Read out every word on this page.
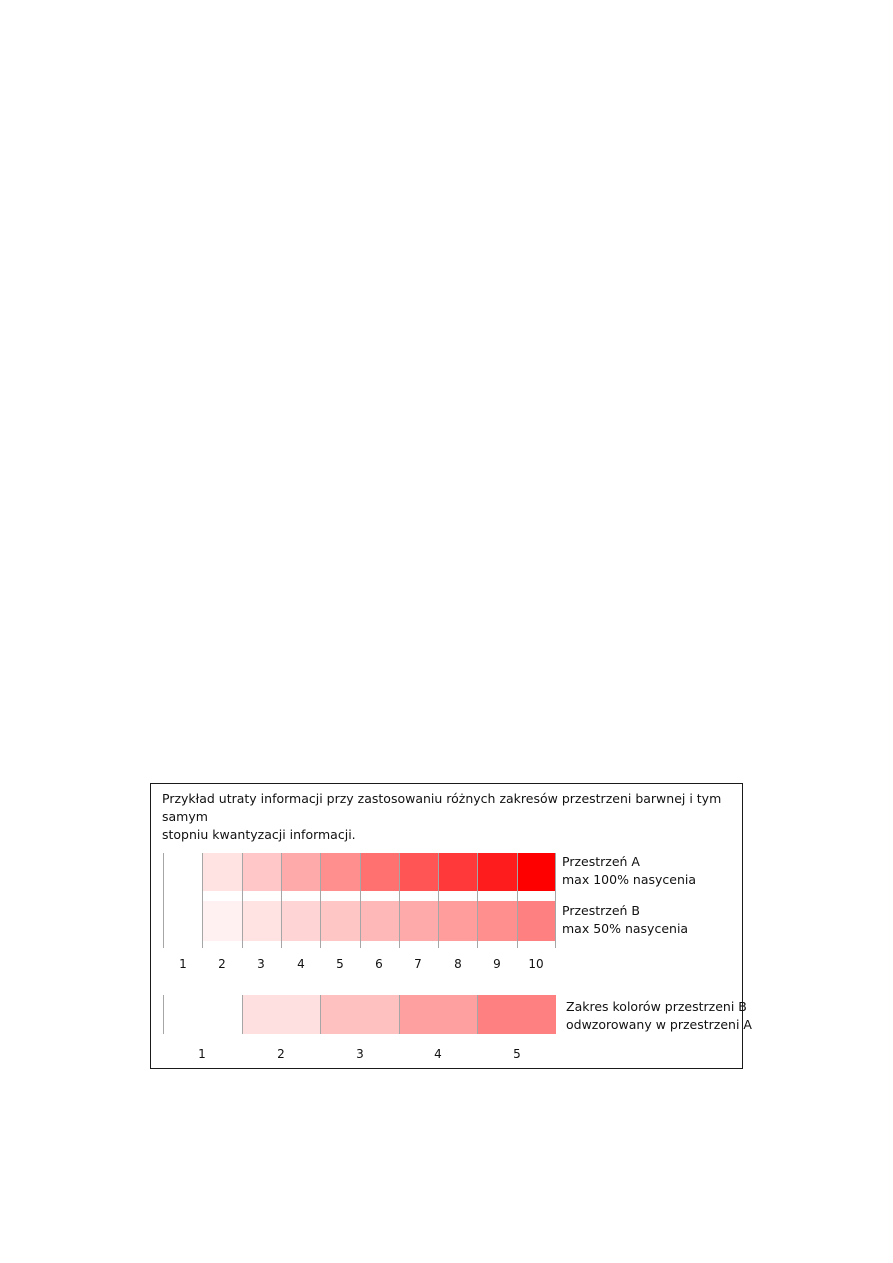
Przykład utraty informacji przy zastosowaniu różnych zakresów przestrzeni barwnej i tym samym
stopniu kwantyzacji informacji.
Przestrzeń A
max 100% nasycenia
Przestrzeń B
max 50% nasycenia
Zakres kolorów przestrzeni B
odwzorowany w przestrzeni A
1	2	3	4	5	6	7	8	9	10
1	2	3	4	5
